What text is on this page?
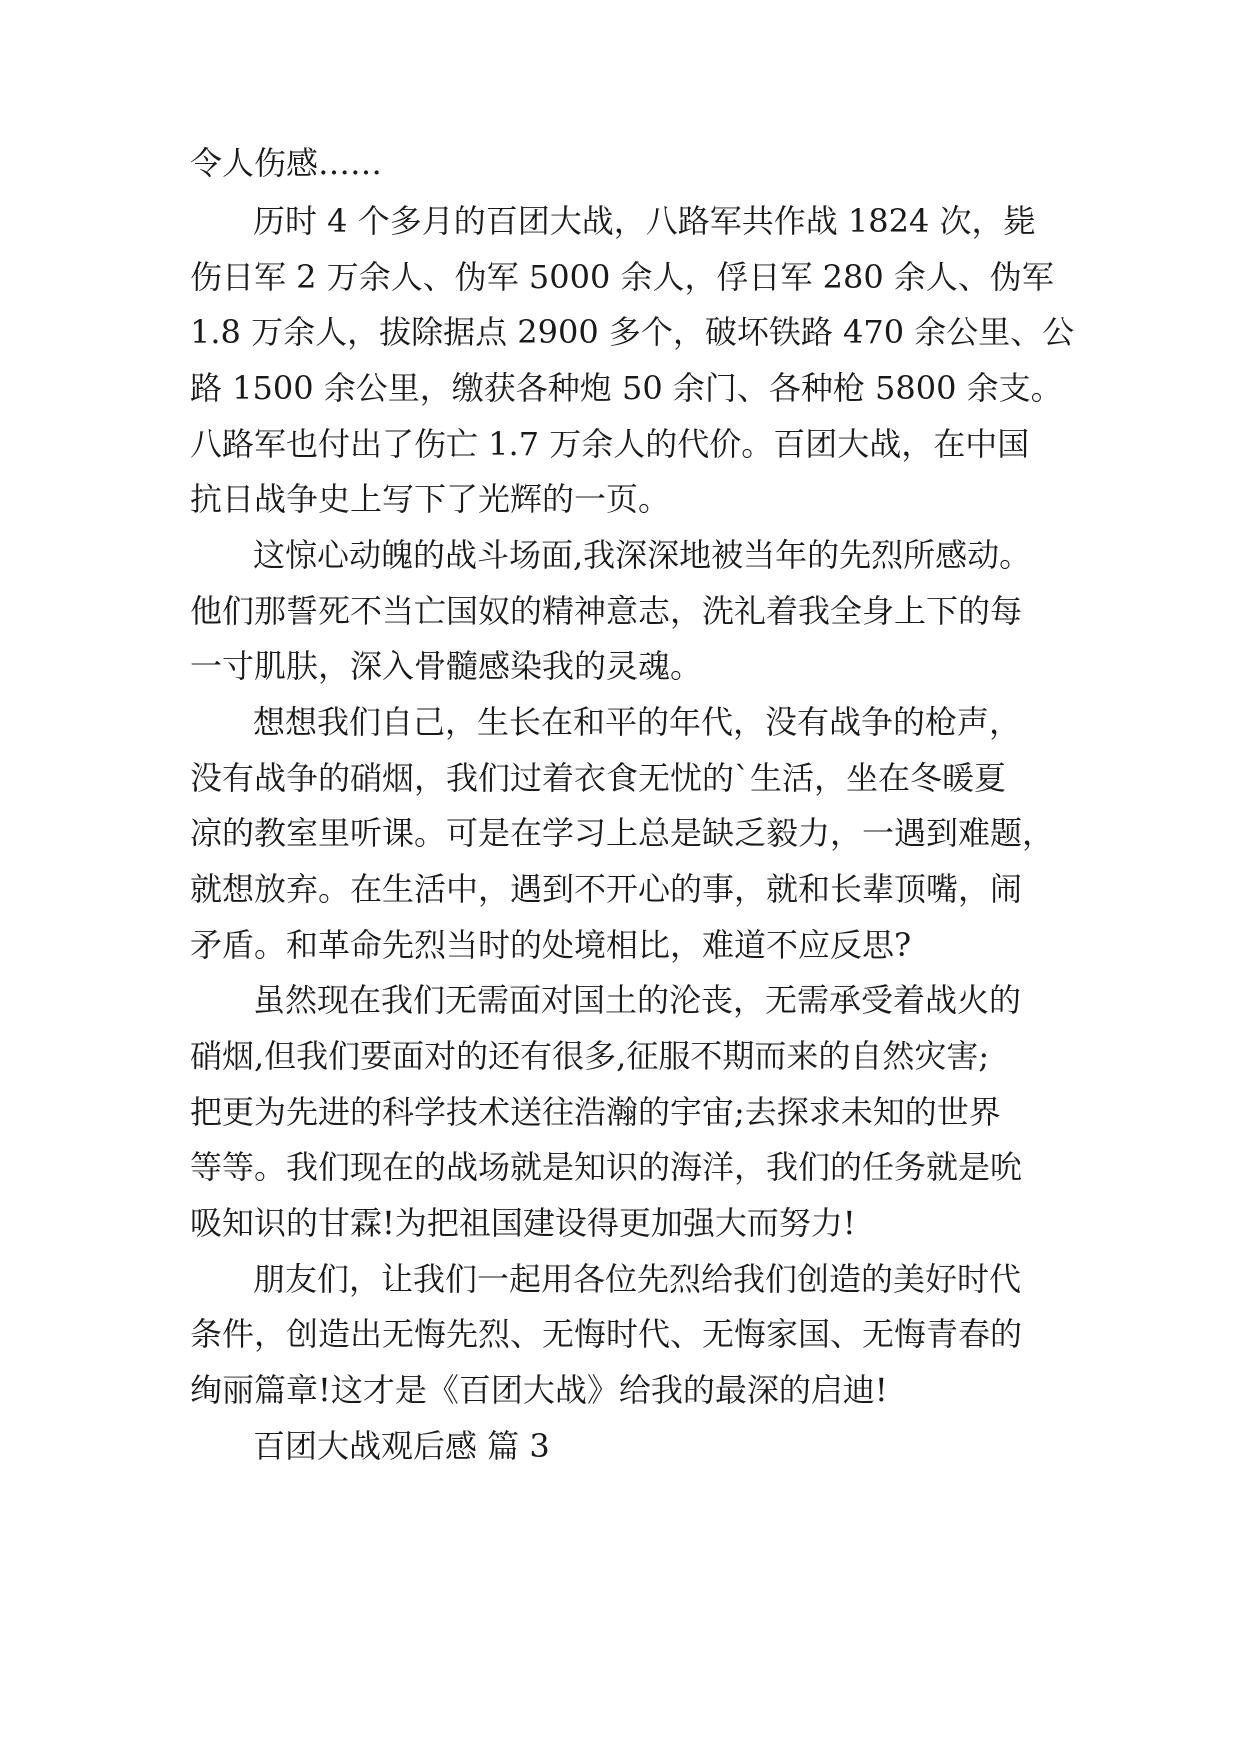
令人伤感……
历时 4 个多月的百团大战，八路军共作战 1824 次，毙
伤日军 2 万余人、伪军 5000 余人，俘日军 280 余人、伪军
1.8 万余人，拔除据点 2900 多个，破坏铁路 470 余公里、公
路 1500 余公里，缴获各种炮 50 余门、各种枪 5800 余支。
八路军也付出了伤亡 1.7 万余人的代价。百团大战，在中国
抗日战争史上写下了光辉的一页。
这惊心动魄的战斗场面,我深深地被当年的先烈所感动。
他们那誓死不当亡国奴的精神意志，洗礼着我全身上下的每
一寸肌肤，深入骨髓感染我的灵魂。
想想我们自己，生长在和平的年代，没有战争的枪声，
没有战争的硝烟，我们过着衣食无忧的`生活，坐在冬暖夏
凉的教室里听课。可是在学习上总是缺乏毅力，一遇到难题，
就想放弃。在生活中，遇到不开心的事，就和长辈顶嘴，闹
矛盾。和革命先烈当时的处境相比，难道不应反思?
虽然现在我们无需面对国土的沦丧，无需承受着战火的
硝烟,但我们要面对的还有很多,征服不期而来的自然灾害;
把更为先进的科学技术送往浩瀚的宇宙;去探求未知的世界
等等。我们现在的战场就是知识的海洋，我们的任务就是吮
吸知识的甘霖!为把祖国建设得更加强大而努力!
朋友们，让我们一起用各位先烈给我们创造的美好时代
条件，创造出无悔先烈、无悔时代、无悔家国、无悔青春的
绚丽篇章!这才是《百团大战》给我的最深的启迪!
百团大战观后感 篇 3
